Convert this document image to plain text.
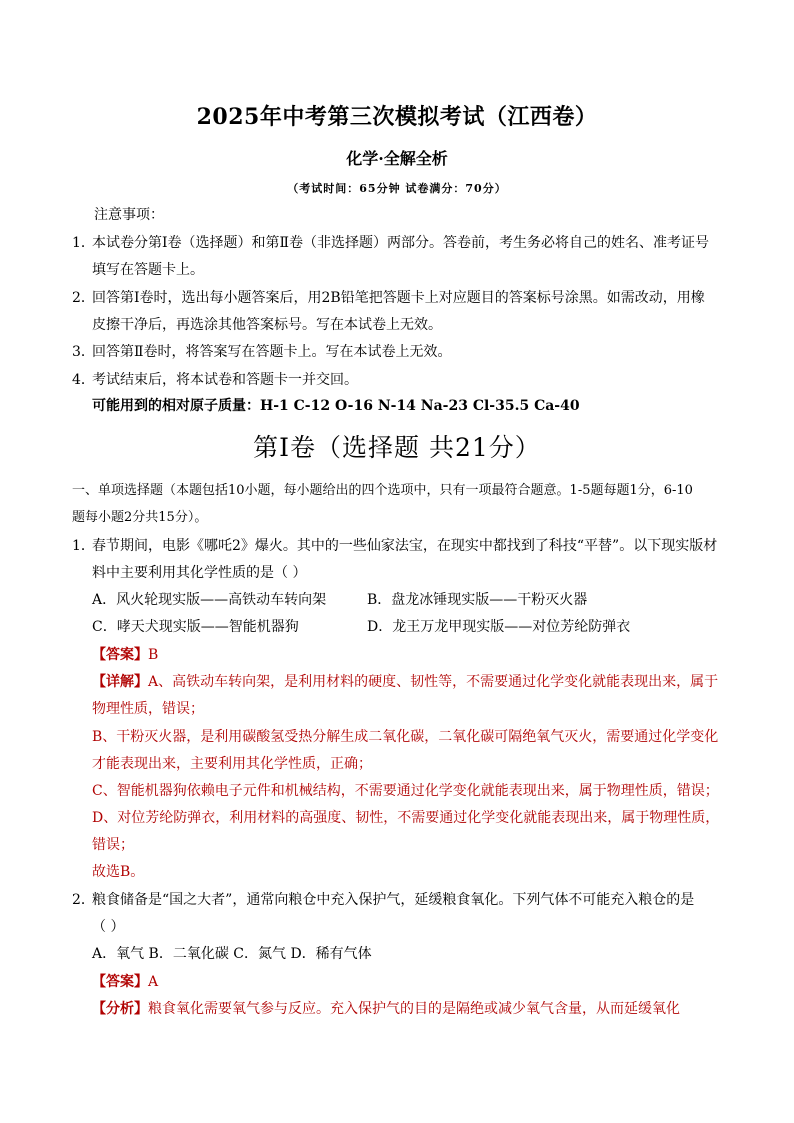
2025年中考第三次模拟考试（江西卷）
化学·全解全析
（考试时间：65分钟 试卷满分：70分）
注意事项：
1．
本试卷分第Ⅰ卷（选择题）和第Ⅱ卷（非选择题）两部分。答卷前，考生务必将自己的姓名、准考证号
填写在答题卡上。
2．
回答第Ⅰ卷时，选出每小题答案后，用2B铅笔把答题卡上对应题目的答案标号涂黑。如需改动，用橡
皮擦干净后，再选涂其他答案标号。写在本试卷上无效。
3．
回答第Ⅱ卷时，将答案写在答题卡上。写在本试卷上无效。
4．
考试结束后，将本试卷和答题卡一并交回。
可能用到的相对原子质量：H-1 C-12 O-16 N-14 Na-23 Cl-35.5 Ca-40
第Ⅰ卷（选择题 共21分）
一、单项选择题（本题包括10小题，每小题给出的四个选项中，只有一项最符合题意。1-5题每题1分，6-10
题每小题2分共15分）。
1．
春节期间，电影《哪吒2》爆火。其中的一些仙家法宝，在现实中都找到了科技“平替”。以下现实版材
料中主要利用其化学性质的是（ ）
A．风火轮现实版——高铁动车转向架	B．盘龙冰锤现实版——干粉灭火器
C．哮天犬现实版——智能机器狗	D．龙王万龙甲现实版——对位芳纶防弹衣
【答案】B
【详解】A、高铁动车转向架，是利用材料的硬度、韧性等，不需要通过化学变化就能表现出来，属于
物理性质，错误；
B、干粉灭火器，是利用碳酸氢受热分解生成二氧化碳，二氧化碳可隔绝氧气灭火，需要通过化学变化
才能表现出来，主要利用其化学性质，正确；
C、智能机器狗依赖电子元件和机械结构，不需要通过化学变化就能表现出来，属于物理性质，错误；
D、对位芳纶防弹衣，利用材料的高强度、韧性，不需要通过化学变化就能表现出来，属于物理性质，
错误；
故选B。
2．
粮食储备是“国之大者”，通常向粮仓中充入保护气，延缓粮食氧化。下列气体不可能充入粮仓的是
（ ）
A．氧气 B．二氧化碳 C．氮气 D．稀有气体
【答案】A
【分析】粮食氧化需要氧气参与反应。充入保护气的目的是隔绝或减少氧气含量，从而延缓氧化
